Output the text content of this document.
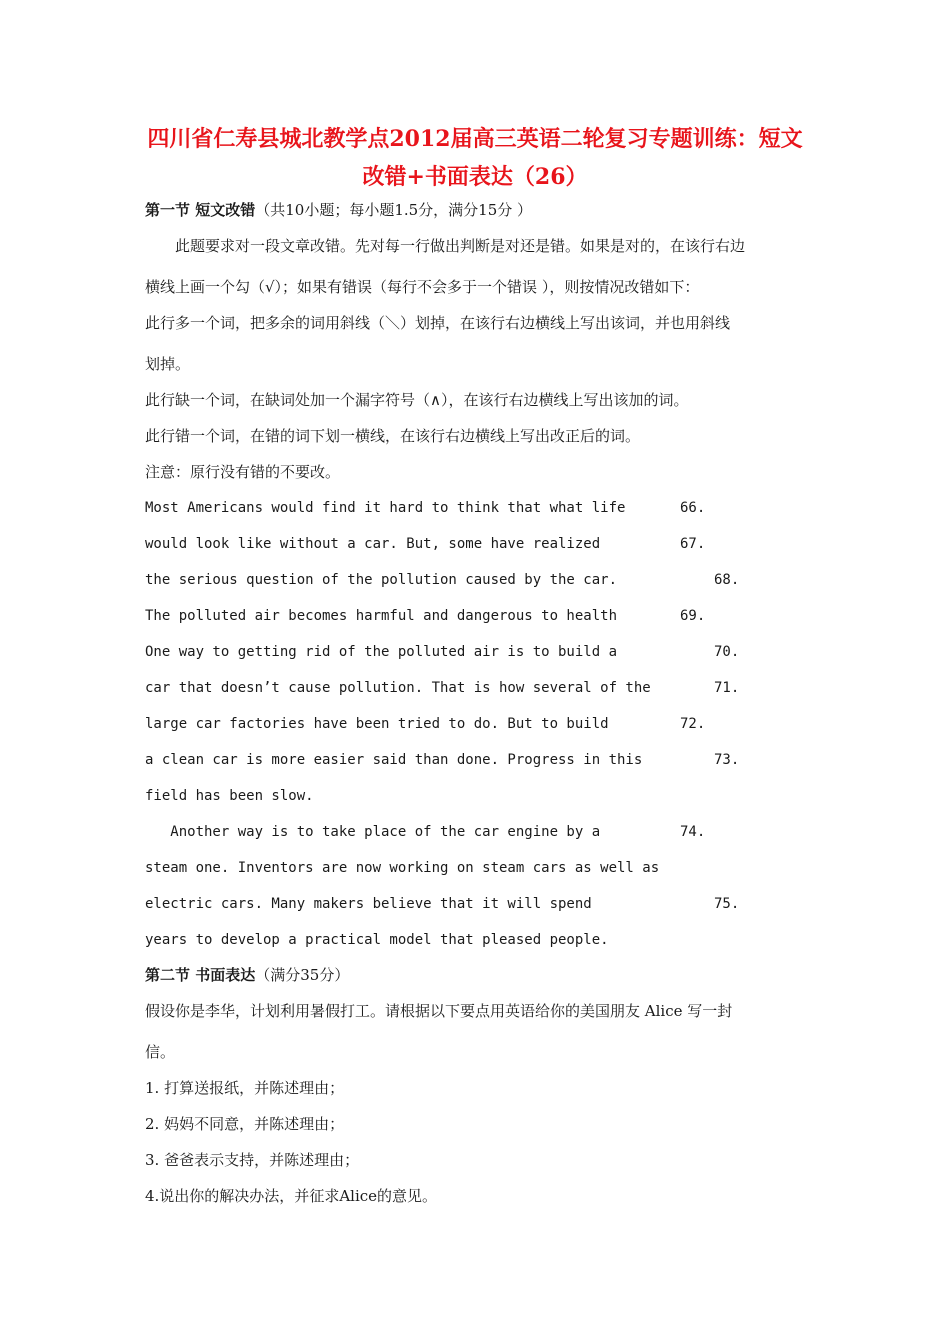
四川省仁寿县城北教学点2012届高三英语二轮复习专题训练：短文
改错+书面表达（26）
第一节 短文改错（共10小题；每小题1.5分，满分15分 ）
　　此题要求对一段文章改错。先对每一行做出判断是对还是错。如果是对的，在该行右边
横线上画一个勾（√）；如果有错误（每行不会多于一个错误 ），则按情况改错如下：
此行多一个词，把多余的词用斜线（＼）划掉，在该行右边横线上写出该词，并也用斜线
划掉。
此行缺一个词，在缺词处加一个漏字符号（∧），在该行右边横线上写出该加的词。
此行错一个词，在错的词下划一横线，在该行右边横线上写出改正后的词。
注意：原行没有错的不要改。
Most Americans would find it hard to think that what life	66.
would look like without a car. But, some have realized	67.
the serious question of the pollution caused by the car.	68.
The polluted air becomes harmful and dangerous to health	69.
One way to getting rid of the polluted air is to build a	70.
car that doesn’t cause pollution. That is how several of the	71.
large car factories have been tried to do. But to build	72.
a clean car is more easier said than done. Progress in this	73.
field has been slow.
Another way is to take place of the car engine by a	74.
steam one. Inventors are now working on steam cars as well as
electric cars. Many makers believe that it will spend	75.
years to develop a practical model that pleased people.
第二节 书面表达（满分35分）
假设你是李华，计划利用暑假打工。请根据以下要点用英语给你的美国朋友 Alice 写一封
信。
1. 打算送报纸，并陈述理由；
2. 妈妈不同意，并陈述理由；
3. 爸爸表示支持，并陈述理由；
4.说出你的解决办法，并征求Alice的意见。
